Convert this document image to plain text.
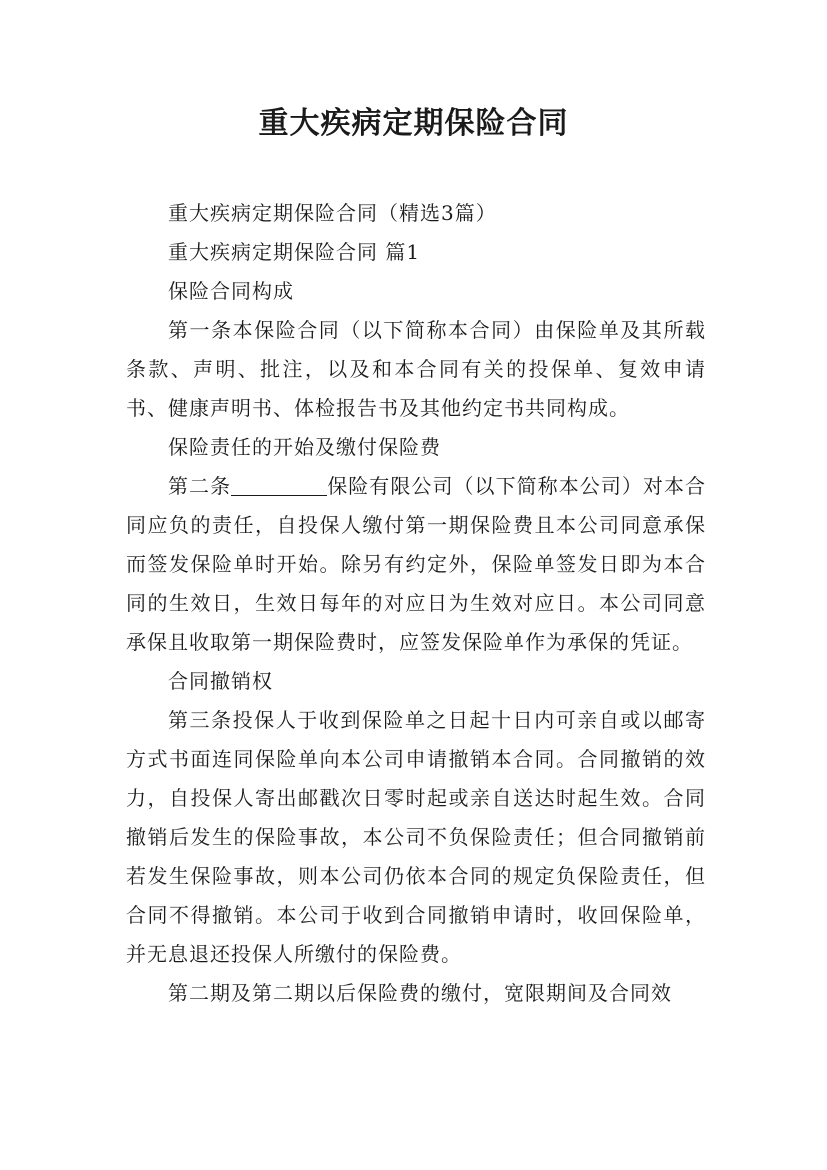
重大疾病定期保险合同

重大疾病定期保险合同（精选3篇）

重大疾病定期保险合同 篇1

保险合同构成

第一条本保险合同（以下简称本合同）由保险单及其所载条款、声明、批注，以及和本合同有关的投保单、复效申请书、健康声明书、体检报告书及其他约定书共同构成。

保险责任的开始及缴付保险费

第二条	保险有限公司（以下简称本公司）对本合同应负的责任，自投保人缴付第一期保险费且本公司同意承保而签发保险单时开始。除另有约定外，保险单签发日即为本合同的生效日，生效日每年的对应日为生效对应日。本公司同意承保且收取第一期保险费时，应签发保险单作为承保的凭证。

合同撤销权

第三条投保人于收到保险单之日起十日内可亲自或以邮寄方式书面连同保险单向本公司申请撤销本合同。合同撤销的效力，自投保人寄出邮戳次日零时起或亲自送达时起生效。合同撤销后发生的保险事故，本公司不负保险责任；但合同撤销前若发生保险事故，则本公司仍依本合同的规定负保险责任，但合同不得撤销。本公司于收到合同撤销申请时，收回保险单，并无息退还投保人所缴付的保险费。

第二期及第二期以后保险费的缴付，宽限期间及合同效
